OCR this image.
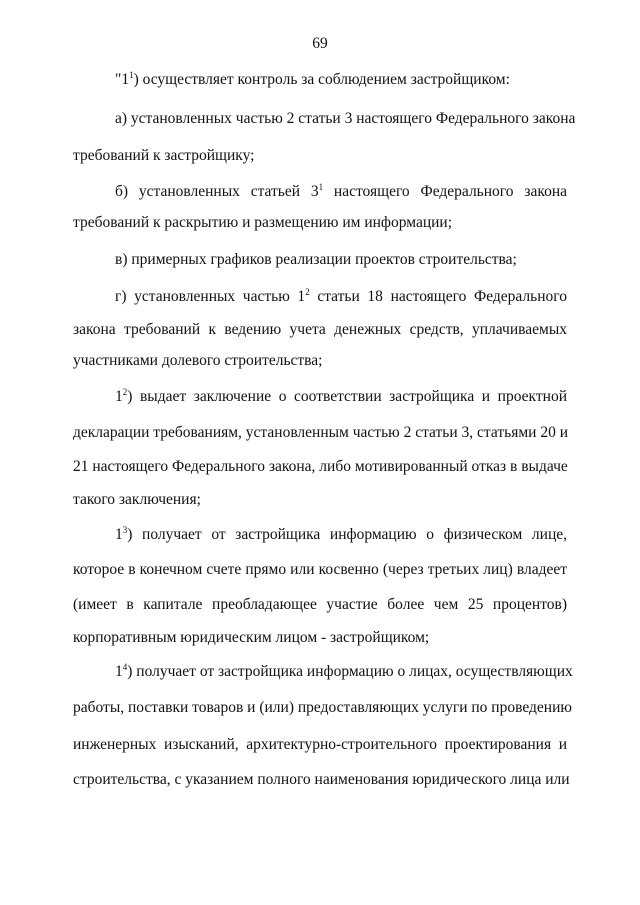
69
"$1^1$) осуществляет контроль за соблюдением застройщиком:
а) установленных частью 2 статьи 3 настоящего Федерального закона
требований к застройщику;
б) установленных статьей $3^1$ настоящего Федерального закона
требований к раскрытию и размещению им информации;
в) примерных графиков реализации проектов строительства;
г) установленных частью $1^2$ статьи 18 настоящего Федерального
закона требований к ведению учета денежных средств, уплачиваемых
участниками долевого строительства;
$1^2$) выдает заключение о соответствии застройщика и проектной
декларации требованиям, установленным частью 2 статьи 3, статьями 20 и
21 настоящего Федерального закона, либо мотивированный отказ в выдаче
такого заключения;
$1^3$) получает от застройщика информацию о физическом лице,
которое в конечном счете прямо или косвенно (через третьих лиц) владеет
(имеет в капитале преобладающее участие более чем 25 процентов)
корпоративным юридическим лицом - застройщиком;
$1^4$) получает от застройщика информацию о лицах, осуществляющих
работы, поставки товаров и (или) предоставляющих услуги по проведению
инженерных изысканий, архитектурно-строительного проектирования и
строительства, с указанием полного наименования юридического лица или
